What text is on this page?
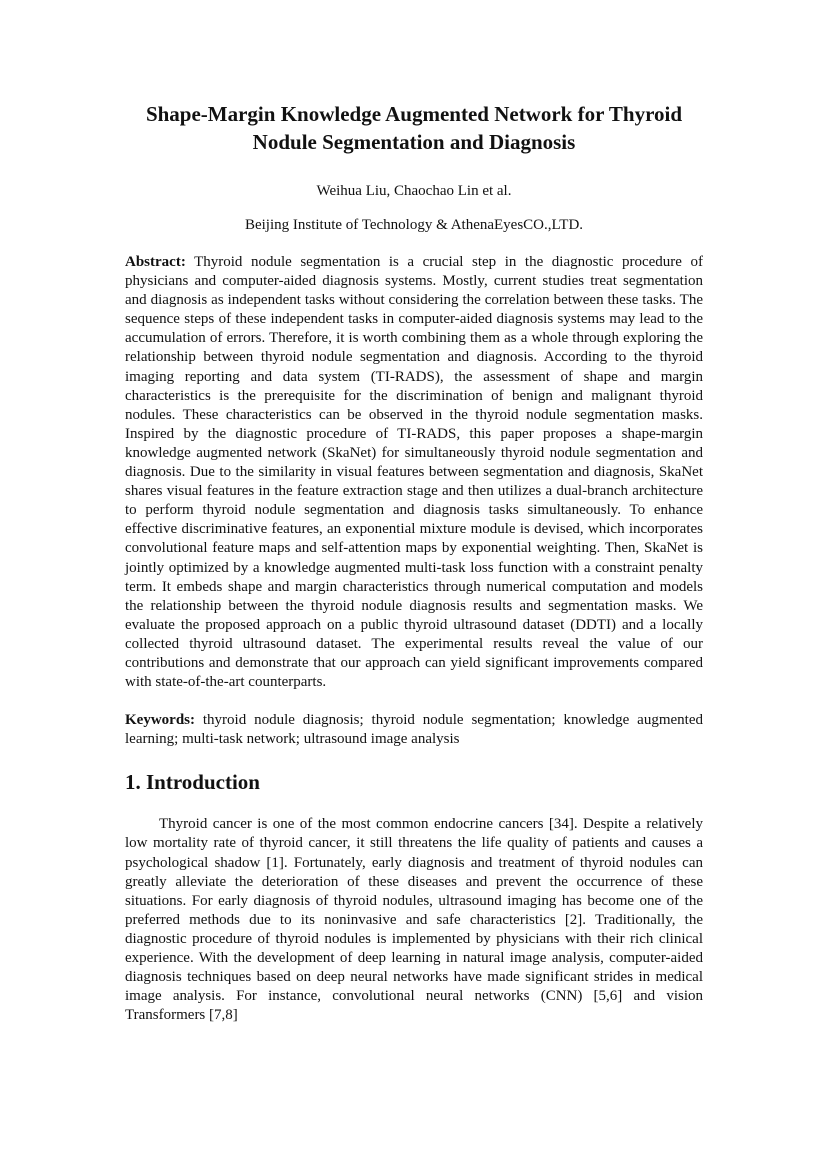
Shape-Margin Knowledge Augmented Network for Thyroid Nodule Segmentation and Diagnosis
Weihua Liu, Chaochao Lin et al.
Beijing Institute of Technology & AthenaEyesCO.,LTD.

Abstract: Thyroid nodule segmentation is a crucial step in the diagnostic procedure of physicians and computer-aided diagnosis systems. Mostly, current studies treat segmentation and diagnosis as independent tasks without considering the correlation between these tasks. The sequence steps of these independent tasks in computer-aided diagnosis systems may lead to the accumulation of errors. Therefore, it is worth combining them as a whole through exploring the relationship between thyroid nodule segmentation and diagnosis. According to the thyroid imaging reporting and data system (TI-RADS), the assessment of shape and margin characteristics is the prerequisite for the discrimination of benign and malignant thyroid nodules. These characteristics can be observed in the thyroid nodule segmentation masks. Inspired by the diagnostic procedure of TI-RADS, this paper proposes a shape-margin knowledge augmented network (SkaNet) for simultaneously thyroid nodule segmentation and diagnosis. Due to the similarity in visual features between segmentation and diagnosis, SkaNet shares visual features in the feature extraction stage and then utilizes a dual-branch architecture to perform thyroid nodule segmentation and diagnosis tasks simultaneously. To enhance effective discriminative features, an exponential mixture module is devised, which incorporates convolutional feature maps and self-attention maps by exponential weighting. Then, SkaNet is jointly optimized by a knowledge augmented multi-task loss function with a constraint penalty term. It embeds shape and margin characteristics through numerical computation and models the relationship between the thyroid nodule diagnosis results and segmentation masks. We evaluate the proposed approach on a public thyroid ultrasound dataset (DDTI) and a locally collected thyroid ultrasound dataset. The experimental results reveal the value of our contributions and demonstrate that our approach can yield significant improvements compared with state-of-the-art counterparts.

Keywords: thyroid nodule diagnosis; thyroid nodule segmentation; knowledge augmented learning; multi-task network; ultrasound image analysis

1. Introduction

Thyroid cancer is one of the most common endocrine cancers [34]. Despite a relatively low mortality rate of thyroid cancer, it still threatens the life quality of patients and causes a psychological shadow [1]. Fortunately, early diagnosis and treatment of thyroid nodules can greatly alleviate the deterioration of these diseases and prevent the occurrence of these situations. For early diagnosis of thyroid nodules, ultrasound imaging has become one of the preferred methods due to its noninvasive and safe characteristics [2]. Traditionally, the diagnostic procedure of thyroid nodules is implemented by physicians with their rich clinical experience. With the development of deep learning in natural image analysis, computer-aided diagnosis techniques based on deep neural networks have made significant strides in medical image analysis. For instance, convolutional neural networks (CNN) [5,6] and vision Transformers [7,8]
